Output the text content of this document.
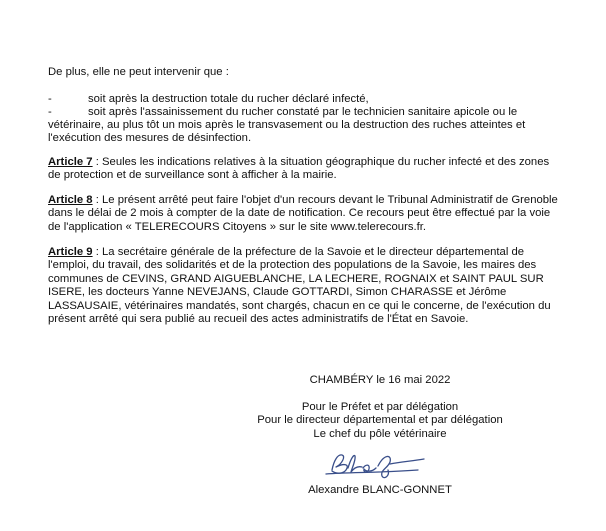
De plus, elle ne peut intervenir que :

-	soit après la destruction totale du rucher déclaré infecté,
-	soit après l'assainissement du rucher constaté par le technicien sanitaire apicole ou le
vétérinaire, au plus tôt un mois après le transvasement ou la destruction des ruches atteintes et
l'exécution des mesures de désinfection.
Article 7 : Seules les indications relatives à la situation géographique du rucher infecté et des zones
de protection et de surveillance sont à afficher à la mairie.
Article 8 : Le présent arrêté peut faire l'objet d'un recours devant le Tribunal Administratif de Grenoble
dans le délai de 2 mois à compter de la date de notification. Ce recours peut être effectué par la voie
de l'application « TELERECOURS Citoyens » sur le site www.telerecours.fr.
Article 9 : La secrétaire générale de la préfecture de la Savoie et le directeur départemental de
l'emploi, du travail, des solidarités et de la protection des populations de la Savoie, les maires des
communes de CEVINS, GRAND AIGUEBLANCHE, LA LECHERE, ROGNAIX et SAINT PAUL SUR
ISERE, les docteurs Yanne NEVEJANS, Claude GOTTARDI, Simon CHARASSE et Jérôme
LASSAUSAIE, vétérinaires mandatés, sont chargés, chacun en ce qui le concerne, de l'exécution du
présent arrêté qui sera publié au recueil des actes administratifs de l'État en Savoie.
CHAMBÉRY le 16 mai 2022
Pour le Préfet et par délégation
Pour le directeur départemental et par délégation
Le chef du pôle vétérinaire
Alexandre BLANC-GONNET
